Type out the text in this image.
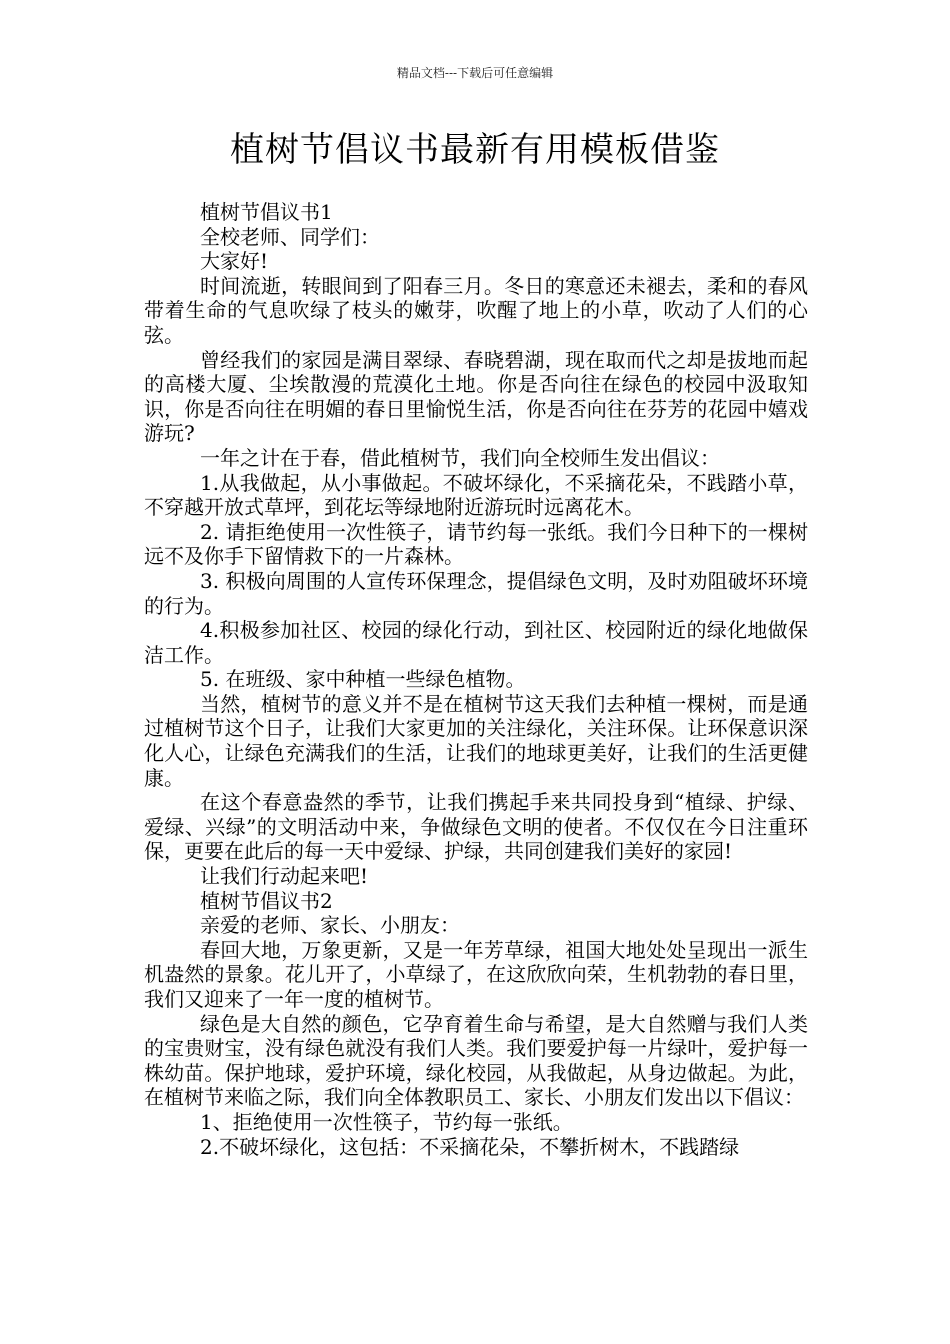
精品文档---下载后可任意编辑
植树节倡议书最新有用模板借鉴

植树节倡议书1

全校老师、同学们：

大家好!

时间流逝，转眼间到了阳春三月。冬日的寒意还未褪去，柔和的春风带着生命的气息吹绿了枝头的嫩芽，吹醒了地上的小草，吹动了人们的心弦。

曾经我们的家园是满目翠绿、春晓碧湖，现在取而代之却是拔地而起的高楼大厦、尘埃散漫的荒漠化土地。你是否向往在绿色的校园中汲取知识，你是否向往在明媚的春日里愉悦生活，你是否向往在芬芳的花园中嬉戏游玩?

一年之计在于春，借此植树节，我们向全校师生发出倡议：

1.从我做起，从小事做起。不破坏绿化，不采摘花朵，不践踏小草，不穿越开放式草坪，到花坛等绿地附近游玩时远离花木。

2. 请拒绝使用一次性筷子，请节约每一张纸。我们今日种下的一棵树远不及你手下留情救下的一片森林。

3. 积极向周围的人宣传环保理念，提倡绿色文明，及时劝阻破坏环境的行为。

4.积极参加社区、校园的绿化行动，到社区、校园附近的绿化地做保洁工作。

5. 在班级、家中种植一些绿色植物。

当然，植树节的意义并不是在植树节这天我们去种植一棵树，而是通过植树节这个日子，让我们大家更加的关注绿化，关注环保。让环保意识深化人心，让绿色充满我们的生活，让我们的地球更美好，让我们的生活更健康。

在这个春意盎然的季节，让我们携起手来共同投身到“植绿、护绿、爱绿、兴绿”的文明活动中来，争做绿色文明的使者。不仅仅在今日注重环保，更要在此后的每一天中爱绿、护绿，共同创建我们美好的家园!

让我们行动起来吧!

植树节倡议书2

亲爱的老师、家长、小朋友：

春回大地，万象更新，又是一年芳草绿，祖国大地处处呈现出一派生机盎然的景象。花儿开了，小草绿了，在这欣欣向荣，生机勃勃的春日里，我们又迎来了一年一度的植树节。

绿色是大自然的颜色，它孕育着生命与希望，是大自然赠与我们人类的宝贵财宝，没有绿色就没有我们人类。我们要爱护每一片绿叶，爱护每一株幼苗。保护地球，爱护环境，绿化校园，从我做起，从身边做起。为此，在植树节来临之际，我们向全体教职员工、家长、小朋友们发出以下倡议：

1、拒绝使用一次性筷子，节约每一张纸。

2.不破坏绿化，这包括：不采摘花朵，不攀折树木，不践踏绿
